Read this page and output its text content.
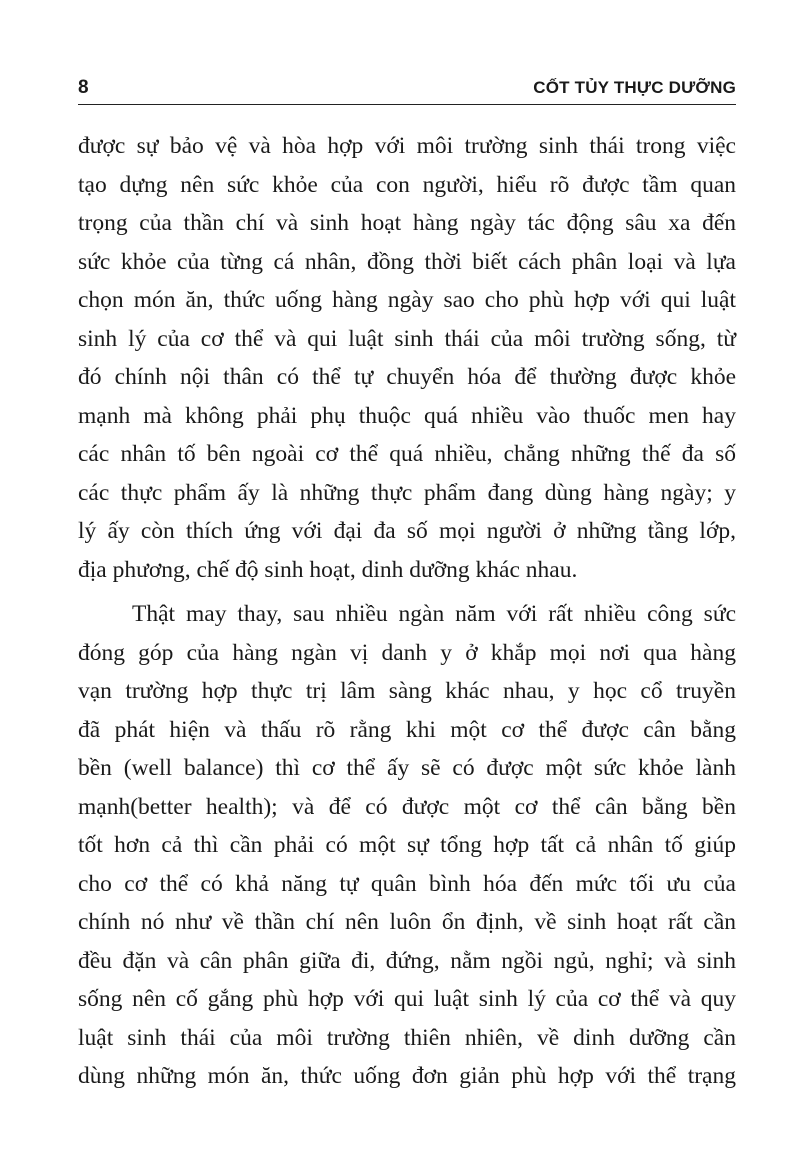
8	CỐT TỦY THỰC DƯỠNG
được sự bảo vệ và hòa hợp với môi trường sinh thái trong việc
tạo dựng nên sức khỏe của con người, hiểu rõ được tầm quan
trọng của thần chí và sinh hoạt hàng ngày tác động sâu xa đến
sức khỏe của từng cá nhân, đồng thời biết cách phân loại và lựa
chọn món ăn, thức uống hàng ngày sao cho phù hợp với qui luật
sinh lý của cơ thể và qui luật sinh thái của môi trường sống, từ
đó chính nội thân có thể tự chuyển hóa để thường được khỏe
mạnh mà không phải phụ thuộc quá nhiều vào thuốc men hay
các nhân tố bên ngoài cơ thể quá nhiều, chẳng những thế đa số
các thực phẩm ấy là những thực phẩm đang dùng hàng ngày; y
lý ấy còn thích ứng với đại đa số mọi người ở những tầng lớp,
địa phương, chế độ sinh hoạt, dinh dưỡng khác nhau.
Thật may thay, sau nhiều ngàn năm với rất nhiều công sức
đóng góp của hàng ngàn vị danh y ở khắp mọi nơi qua hàng
vạn trường hợp thực trị lâm sàng khác nhau, y học cổ truyền
đã phát hiện và thấu rõ rằng khi một cơ thể được cân bằng
bền (well balance) thì cơ thể ấy sẽ có được một sức khỏe lành
mạnh(better health); và để có được một cơ thể cân bằng bền
tốt hơn cả thì cần phải có một sự tổng hợp tất cả nhân tố giúp
cho cơ thể có khả năng tự quân bình hóa đến mức tối ưu của
chính nó như về thần chí nên luôn ổn định, về sinh hoạt rất cần
đều đặn và cân phân giữa đi, đứng, nằm ngồi ngủ, nghỉ; và sinh
sống nên cố gắng phù hợp với qui luật sinh lý của cơ thể và quy
luật sinh thái của môi trường thiên nhiên, về dinh dưỡng cần
dùng những món ăn, thức uống đơn giản phù hợp với thể trạng
